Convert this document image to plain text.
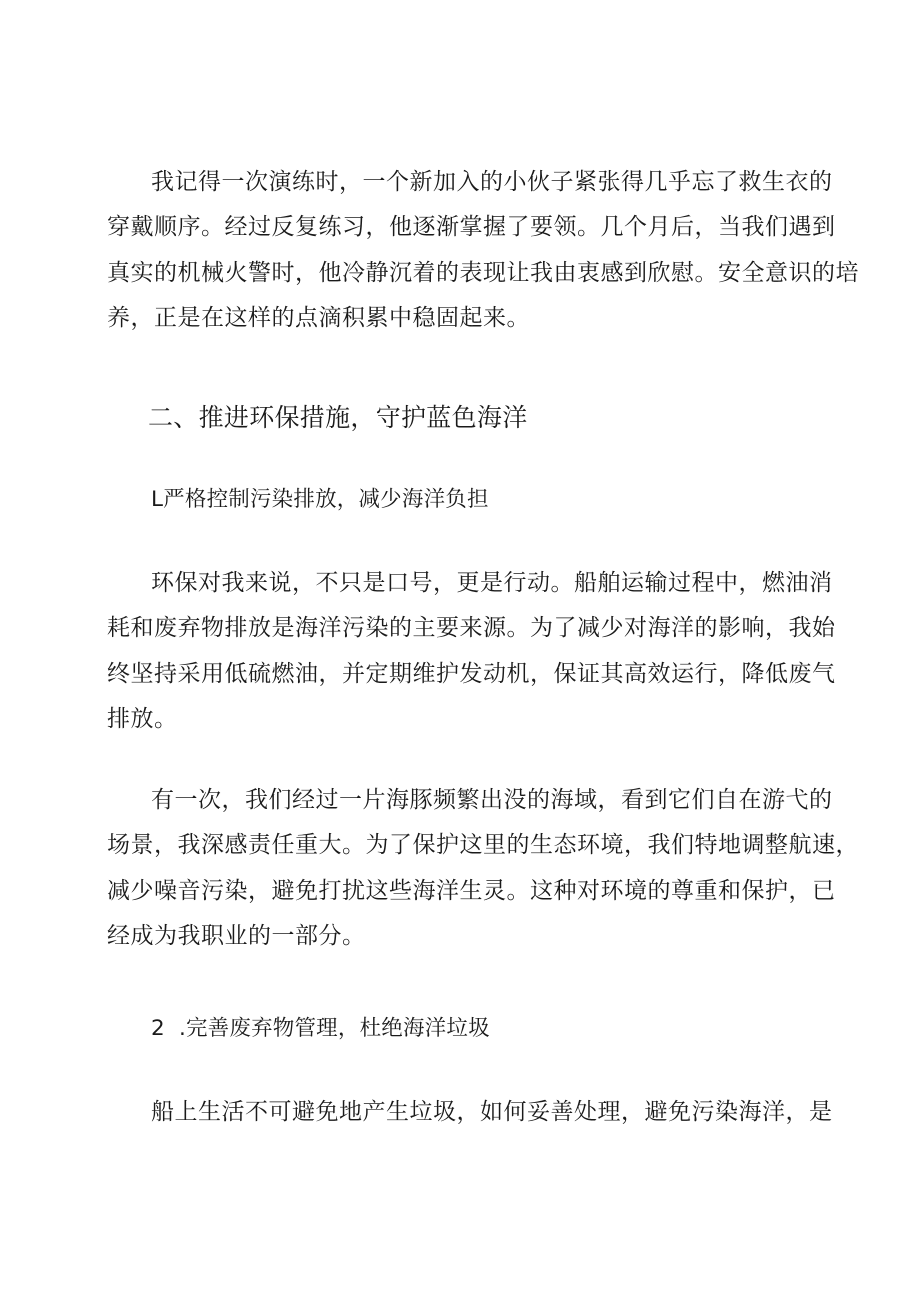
我记得一次演练时，一个新加入的小伙子紧张得几乎忘了救生衣的
穿戴顺序。经过反复练习，他逐渐掌握了要领。几个月后，当我们遇到
真实的机械火警时，他冷静沉着的表现让我由衷感到欣慰。安全意识的培
养，正是在这样的点滴积累中稳固起来。

二、推进环保措施，守护蓝色海洋
L严格控制污染排放，减少海洋负担

环保对我来说，不只是口号，更是行动。船舶运输过程中，燃油消
耗和废弃物排放是海洋污染的主要来源。为了减少对海洋的影响，我始
终坚持采用低硫燃油，并定期维护发动机，保证其高效运行，降低废气
排放。

有一次，我们经过一片海豚频繁出没的海域，看到它们自在游弋的
场景，我深感责任重大。为了保护这里的生态环境，我们特地调整航速，
减少噪音污染，避免打扰这些海洋生灵。这种对环境的尊重和保护，已
经成为我职业的一部分。

2  .完善废弃物管理，杜绝海洋垃圾

船上生活不可避免地产生垃圾，如何妥善处理，避免污染海洋，是
